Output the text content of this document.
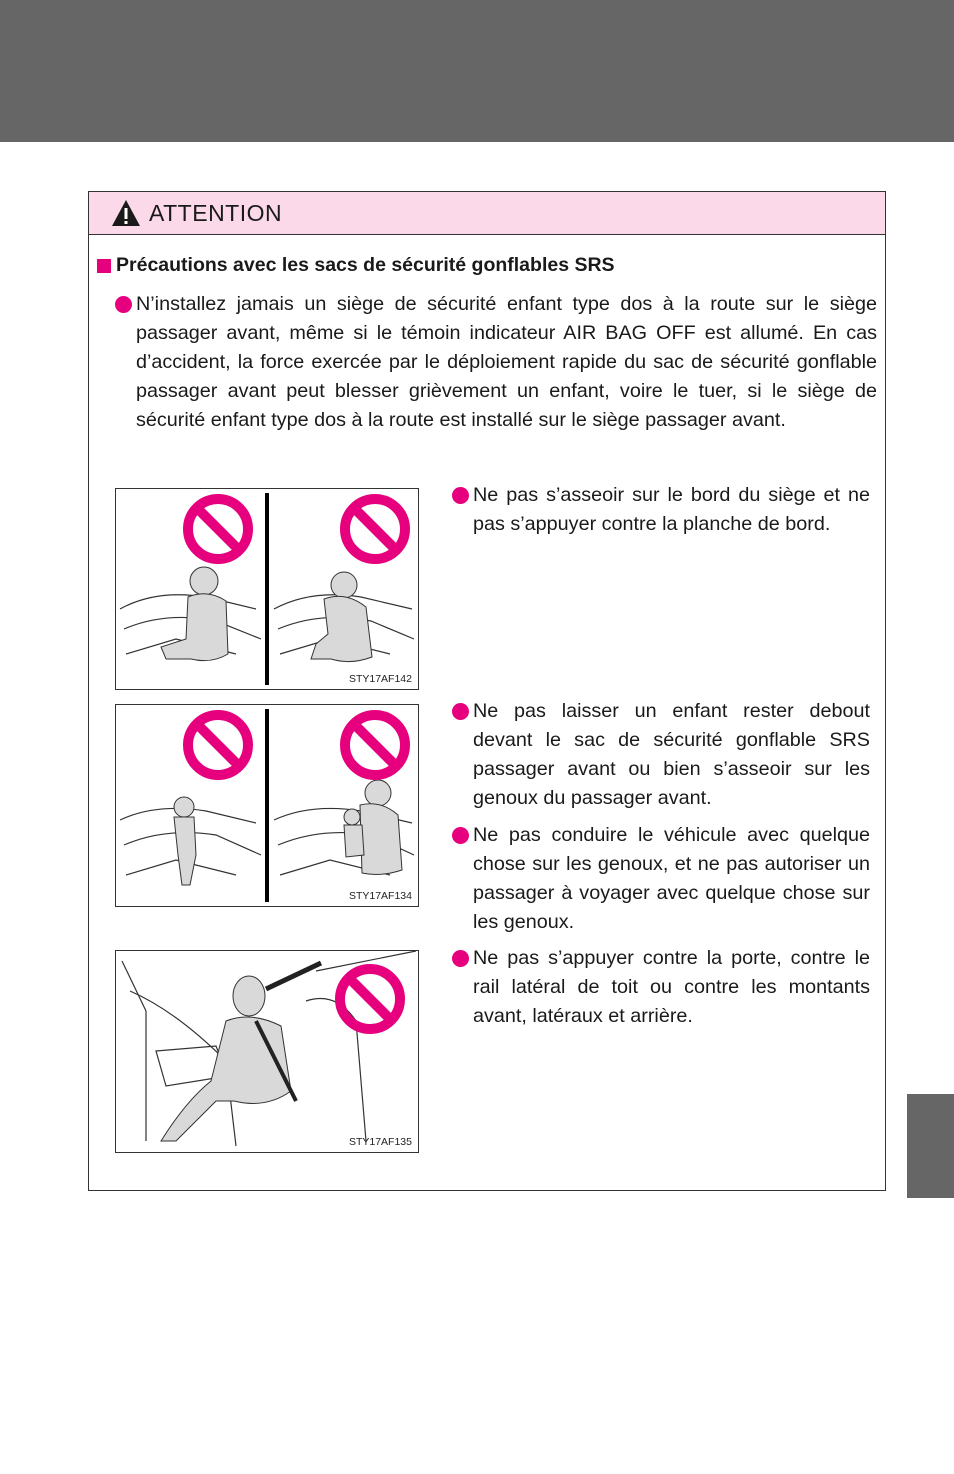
ATTENTION
Précautions avec les sacs de sécurité gonflables SRS
N’installez jamais un siège de sécurité enfant type dos à la route sur le siège passager avant, même si le témoin indicateur AIR BAG OFF est allumé. En cas d’accident, la force exercée par le déploiement rapide du sac de sécurité gonflable passager avant peut blesser grièvement un enfant, voire le tuer, si le siège de sécurité enfant type dos à la route est installé sur le siège passager avant.
STY17AF142
Ne pas s’asseoir sur le bord du siège et ne pas s’appuyer contre la planche de bord.
STY17AF134
Ne pas laisser un enfant rester debout devant le sac de sécurité gonflable SRS passager avant ou bien s’asseoir sur les genoux du passager avant.
Ne pas conduire le véhicule avec quelque chose sur les genoux, et ne pas autoriser un passager à voyager avec quelque chose sur les genoux.
STY17AF135
Ne pas s’appuyer contre la porte, contre le rail latéral de toit ou contre les montants avant, latéraux et arrière.
